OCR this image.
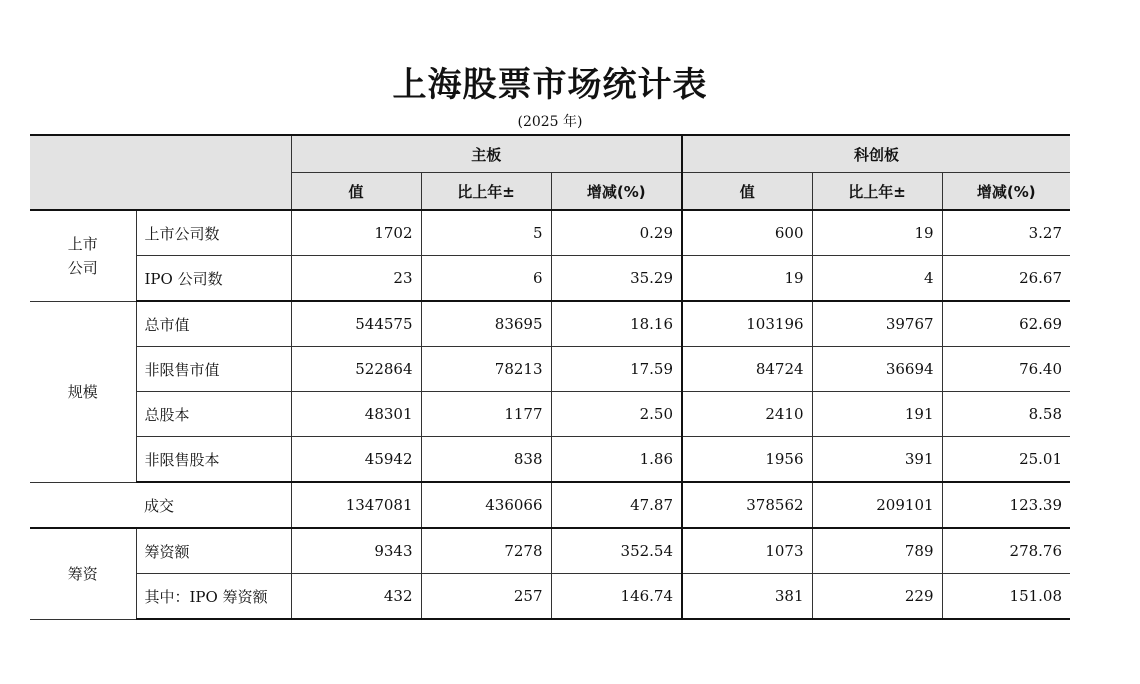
上海股票市场统计表
(2025 年)
		主板			科创板		
		值	比上年±	增减(%)	值	比上年±	增减(%)
上市
公司	上市公司数	1702	5	0.29	600	19	3.27
	IPO 公司数	23	6	35.29	19	4	26.67
规模	总市值	544575	83695	18.16	103196	39767	62.69
	非限售市值	522864	78213	17.59	84724	36694	76.40
	总股本	48301	1177	2.50	2410	191	8.58
	非限售股本	45942	838	1.86	1956	391	25.01
	成交	1347081	436066	47.87	378562	209101	123.39
筹资	筹资额	9343	7278	352.54	1073	789	278.76
	其中：IPO 筹资额	432	257	146.74	381	229	151.08
